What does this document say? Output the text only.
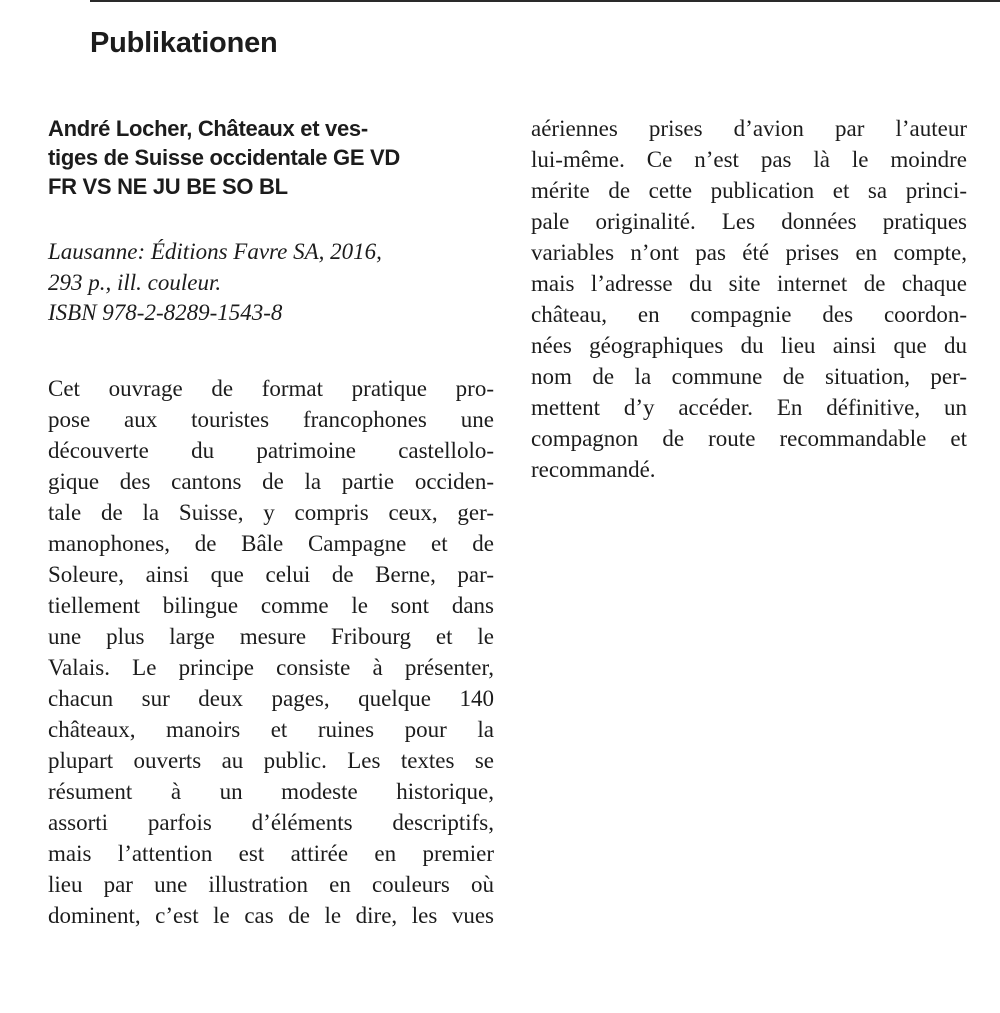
Publikationen
André Locher, Châteaux et ves-
tiges de Suisse occidentale GE VD
FR VS NE JU BE SO BL

Lausanne: Éditions Favre SA, 2016,
293 p., ill. couleur.
ISBN 978-2-8289-1543-8

Cet ouvrage de format pratique pro-
pose aux touristes francophones une
découverte du patrimoine castellolo-
gique des cantons de la partie occiden-
tale de la Suisse, y compris ceux, ger-
manophones, de Bâle Campagne et de
Soleure, ainsi que celui de Berne, par-
tiellement bilingue comme le sont dans
une plus large mesure Fribourg et le
Valais. Le principe consiste à présenter,
chacun sur deux pages, quelque 140
châteaux, manoirs et ruines pour la
plupart ouverts au public. Les textes se
résument à un modeste historique,
assorti parfois d’éléments descriptifs,
mais l’attention est attirée en premier
lieu par une illustration en couleurs où
dominent, c’est le cas de le dire, les vues

aériennes prises d’avion par l’auteur
lui-même. Ce n’est pas là le moindre
mérite de cette publication et sa princi-
pale originalité. Les données pratiques
variables n’ont pas été prises en compte,
mais l’adresse du site internet de chaque
château, en compagnie des coordon-
nées géographiques du lieu ainsi que du
nom de la commune de situation, per-
mettent d’y accéder. En définitive, un
compagnon de route recommandable et
recommandé.
